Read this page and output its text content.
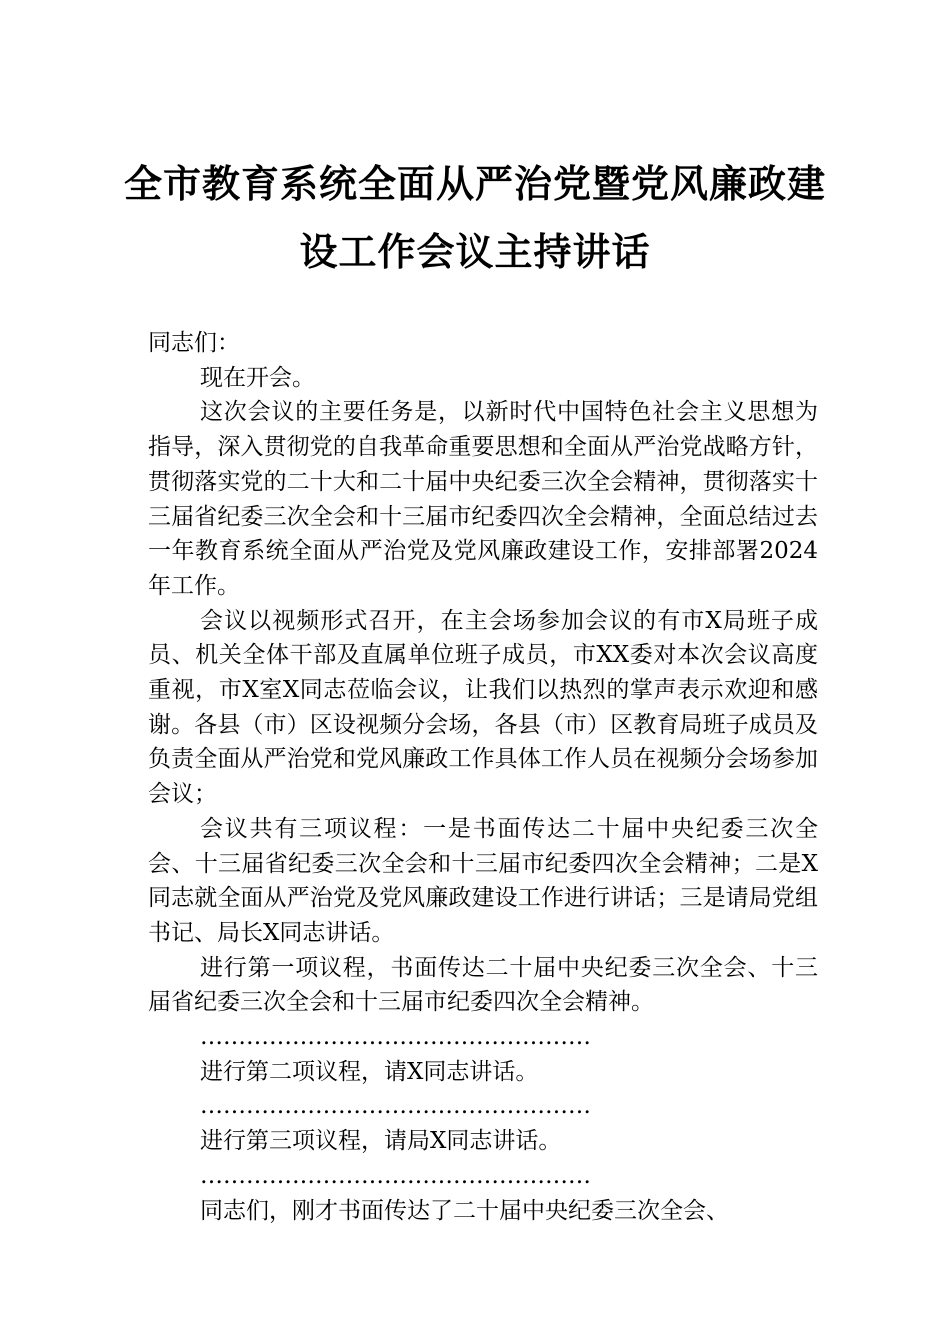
全市教育系统全面从严治党暨党风廉政建
设工作会议主持讲话

同志们：

现在开会。

这次会议的主要任务是，以新时代中国特色社会主义思想为指导，深入贯彻党的自我革命重要思想和全面从严治党战略方针，贯彻落实党的二十大和二十届中央纪委三次全会精神，贯彻落实十三届省纪委三次全会和十三届市纪委四次全会精神，全面总结过去一年教育系统全面从严治党及党风廉政建设工作，安排部署2024年工作。

会议以视频形式召开，在主会场参加会议的有市X局班子成员、机关全体干部及直属单位班子成员，市XX委对本次会议高度重视，市X室X同志莅临会议，让我们以热烈的掌声表示欢迎和感谢。各县（市）区设视频分会场，各县（市）区教育局班子成员及负责全面从严治党和党风廉政工作具体工作人员在视频分会场参加会议；

会议共有三项议程：一是书面传达二十届中央纪委三次全会、十三届省纪委三次全会和十三届市纪委四次全会精神；二是X同志就全面从严治党及党风廉政建设工作进行讲话；三是请局党组书记、局长X同志讲话。

进行第一项议程，书面传达二十届中央纪委三次全会、十三届省纪委三次全会和十三届市纪委四次全会精神。

……………………………………………

进行第二项议程，请X同志讲话。

……………………………………………

进行第三项议程，请局X同志讲话。

……………………………………………

同志们，刚才书面传达了二十届中央纪委三次全会、
